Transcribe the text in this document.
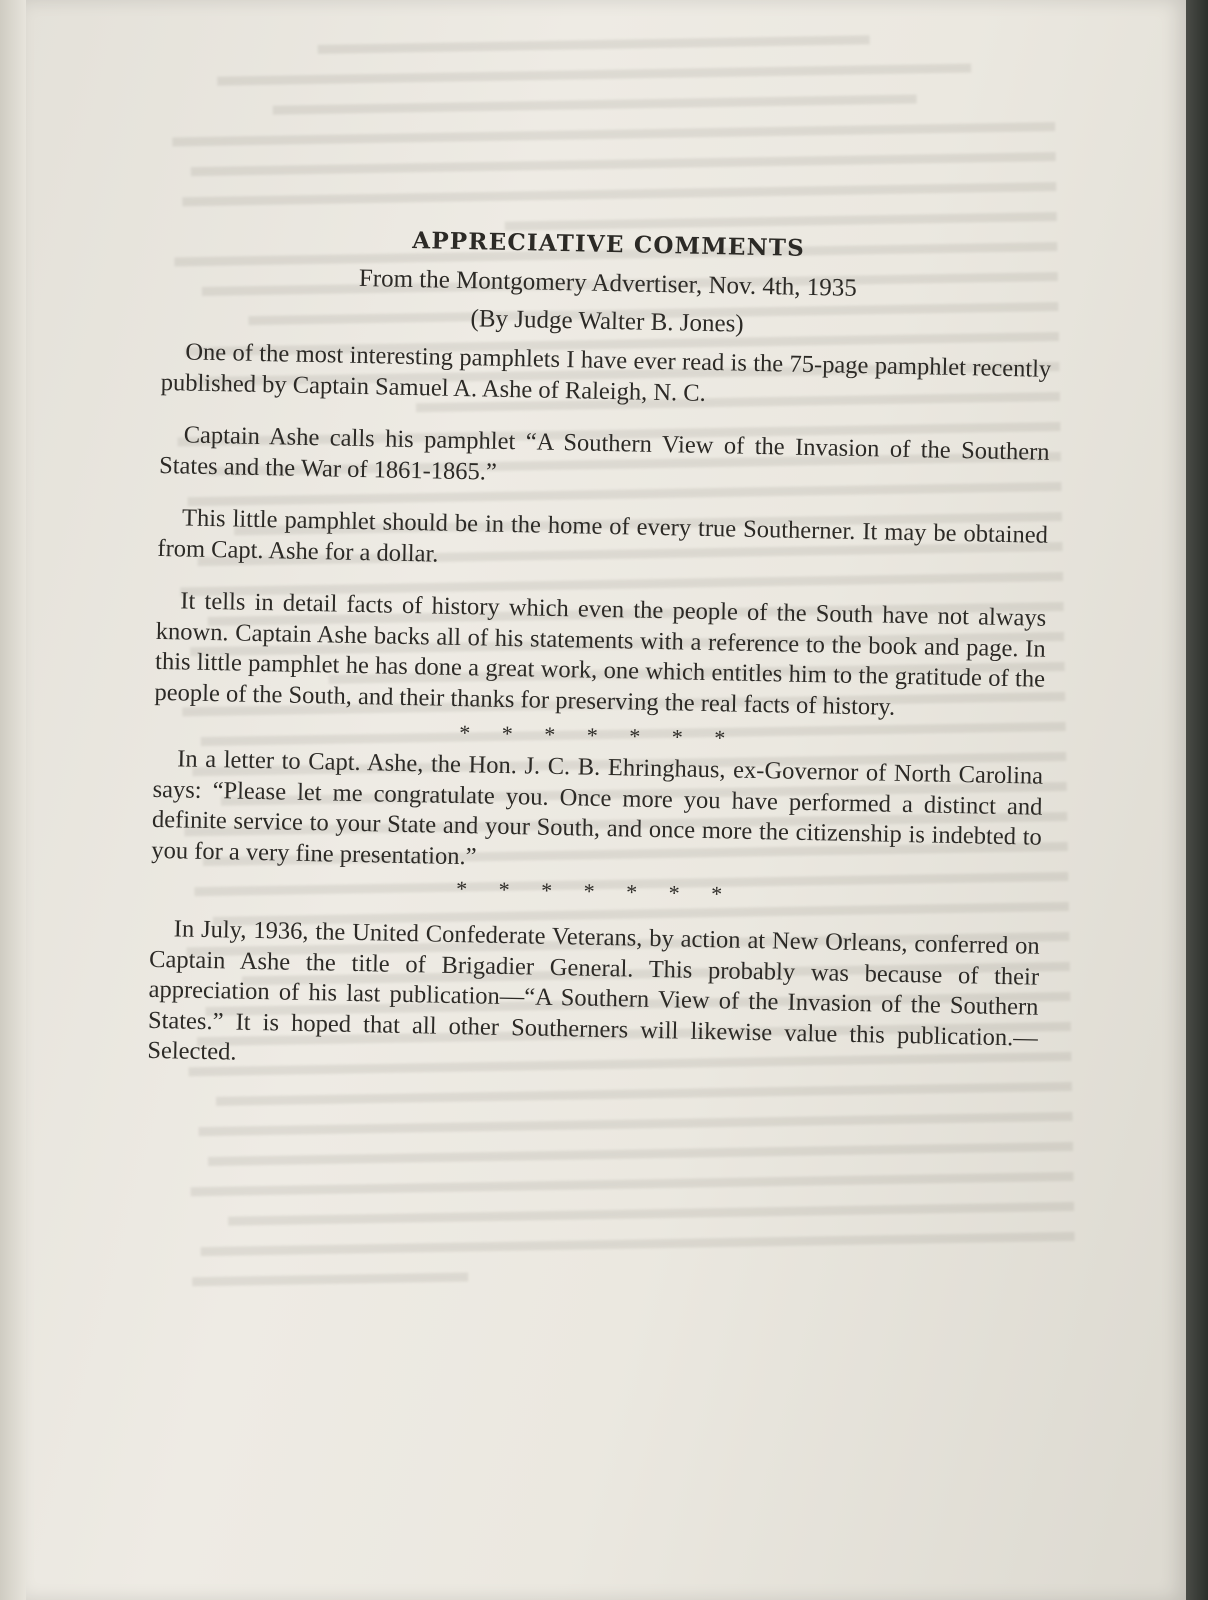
APPRECIATIVE COMMENTS
From the Montgomery Advertiser, Nov. 4th, 1935
(By Judge Walter B. Jones)

One of the most interesting pamphlets I have ever read is the 75-page pamphlet recently published by Captain Samuel A. Ashe of Raleigh, N. C.

Captain Ashe calls his pamphlet “A Southern View of the Invasion of the Southern States and the War of 1861-1865.”

This little pamphlet should be in the home of every true Southerner. It may be obtained from Capt. Ashe for a dollar.

It tells in detail facts of history which even the people of the South have not always known. Captain Ashe backs all of his statements with a reference to the book and page. In this little pamphlet he has done a great work, one which entitles him to the gratitude of the people of the South, and their thanks for preserving the real facts of history.

* * * * * * *

In a letter to Capt. Ashe, the Hon. J. C. B. Ehringhaus, ex-Governor of North Carolina says: “Please let me congratulate you. Once more you have performed a distinct and definite service to your State and your South, and once more the citizenship is indebted to you for a very fine presentation.”

* * * * * * *

In July, 1936, the United Confederate Veterans, by action at New Orleans, conferred on Captain Ashe the title of Brigadier General. This probably was because of their appreciation of his last publication—“A Southern View of the Invasion of the Southern States.” It is hoped that all other Southerners will likewise value this publication.—Selected.
